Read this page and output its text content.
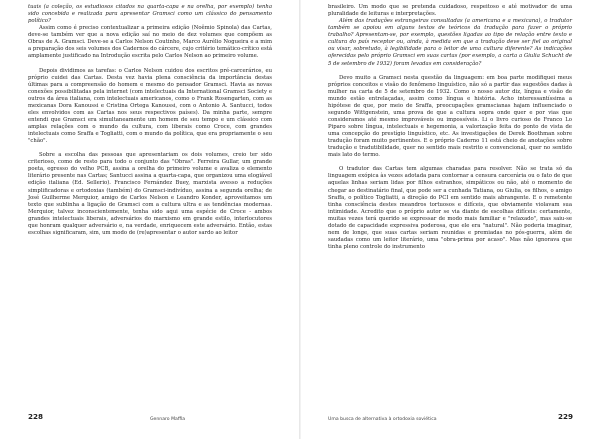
tuais (a coleção, os estudiosos citados na quarta-capa e na orelha, por exemplo) tenha sido concebida e realizada para apresentar Gramsci como um clássico do pensamento político?

Assim como é preciso contextualizar a primeira edição (Noêmio Spinola) das Cartas, deve-se também ver que a nova edição saí no meio de dez volumes que compõem as Obras de A. Gramsci. Deve-se a Carlos Nelson Coutinho, Marco Aurélio Nogueira e a mim a preparação dos seis volumes dos Cadernos do cárcere, cujo critério temático-crítico está amplamente justificado na Introdução escrita pelo Carlos Nelson ao primeiro volume.

Depois dividimos as tarefas: o Carlos Nelson cuidou dos escritos pré-carcerários, eu próprio cuidei das Cartas. Desta vez havia plena consciência da importância destas últimas para a compreensão do homem e mesmo do pensador Gramsci. Havia as novas conexões possibilitadas pela internet (com intelectuais da International Gramsci Society e outros da área italiana, com intelectuais americanos, como o Frank Rosengarten, com as mexicanas Dora Kanoussi e Cristina Ortega Kanoussi, com o Antonio A. Santucci, todos eles envolvidos com as Cartas nos seus respectivos países). Da minha parte, sempre entendi que Gramsci era simultaneamente um homem de seu tempo e um clássico com amplas relações com o mundo da cultura, com liberais como Croce, com grandes intelectuais como Sraffa e Togliatti, com o mundo da política, que era propriamente o seu "chão".

Sobre a escolha das pessoas que apresentariam os dois volumes, creio ter sido criterioso, como de resto para todo o conjunto das "Obras". Ferreira Gullar, um grande poeta, egresso do velho PCB, assina a orelha do primeiro volume e avaliza o elemento literário presente nas Cartas; Santucci assina a quarta-capa, que organizou uma elogiável edição italiana (Ed. Sellerio). Francisco Fernández Buey, marxista avesso a reduções simplificadoras e ortodoxias (também) do Gramsci-indivíduo, assina a segunda orelha; de José Guilherme Merquior, amigo de Carlos Nelson e Leandro Konder, aproveitamos um texto que sublinha a ligação de Gramsci com a cultura ultra e as tendências modernas. Merquior, talvez inconscientemente, tenha sido aqui uma espécie de Croce - ambos grandes intelectuais liberais, adversários do marxismo em grande estilo, interlocutores que honram qualquer adversário e, na verdade, enriquecem este adversário. Então, estas escolhas significaram, sim, um modo de (re)apresentar o autor sardo ao leitor

228	Gennaro Maffia

brasileiro. Um modo que se pretenda cuidadoso, respeitoso e até motivador de uma pluralidade de leituras e interpretações.

Além das traduções estrangeiras consultadas (a americana e a mexicana), o tradutor também se apoiou em alguns textos de teóricos da tradução para fazer o próprio trabalho? Apresentam-se, por exemplo, questões ligadas ao tipo de relação entre texto e cultura do país receptor ou, ainda, à medida em que a tradução deve ser fiel ao original ou visar, sobretudo, à legibilidade para o leitor de uma cultura diferente? As indicações oferecidas pelo próprio Gramsci em suas cartas (por exemplo, a carta a Giulia Schucht de 5 de setembro de 1932) foram levadas em consideração?

Devo muito a Gramsci nesta questão da linguagem: em boa parte modifiquei meus próprios conceitos e visão do fenômeno linguístico, não só a partir das sugestões dadas à mulher na carta de 5 de setembro de 1932. Como o nosso autor diz, língua e visão de mundo estão entrelaçadas, assim como língua e história. Acho interessantíssima a hipótese de que, por meio de Sraffa, preocupações gramscianas hajam influenciado o segundo Wittgenstein, uma prova de que a cultura sopra onde quer e por vias que consideramos até mesmo improváveis ou impossíveis. Li o livro curioso de Franco Lo Piparo sobre língua, intelectuais e hegemonia, a valorização feita do ponto de vista de uma concepção do prestígio linguístico, etc. As investigações de Derek Boothman sobre tradução foram muito pertinentes. E o próprio Caderno 11 está cheio de anotações sobre tradução e tradutibilidade, quer no sentido mais restrito e convencional, quer no sentido mais lato do termo.

O tradutor das Cartas tem algumas charadas para resolver. Não se trata só da linguagem exópica às vezes adotada para contornar a censura carcerária ou o fato de que aquelas linhas seriam lidas por filhos estranhos, simpáticos ou não, até o momento de chegar ao destinatário final, que pode ser a cunhada Tatiana, ou Giulia, os filhos, o amigo Sraffa, o político Togliatti, a direção do PCI em sentido mais abrangente. E o remetente tinha consciência destes meandros tortuosos e difíceis, que obviamente violavam sua intimidade. Acredito que o próprio autor se via diante de escolhas difíceis: certamente, muitas vezes terá querido se expressar de modo mais familiar e "relaxado", mas saiu-se dotado de capacidade expressiva poderosa, que ele era "natural". Não poderia imaginar, nem de longe, que suas cartas seriam reunidas e premiadas no pós-guerra, além de saudadas como um leitor literário, uma "obra-prima por acaso". Mas não ignorava que tinha pleno controle do instrumento

Uma busca de alternativa à ortodoxia soviética	229
